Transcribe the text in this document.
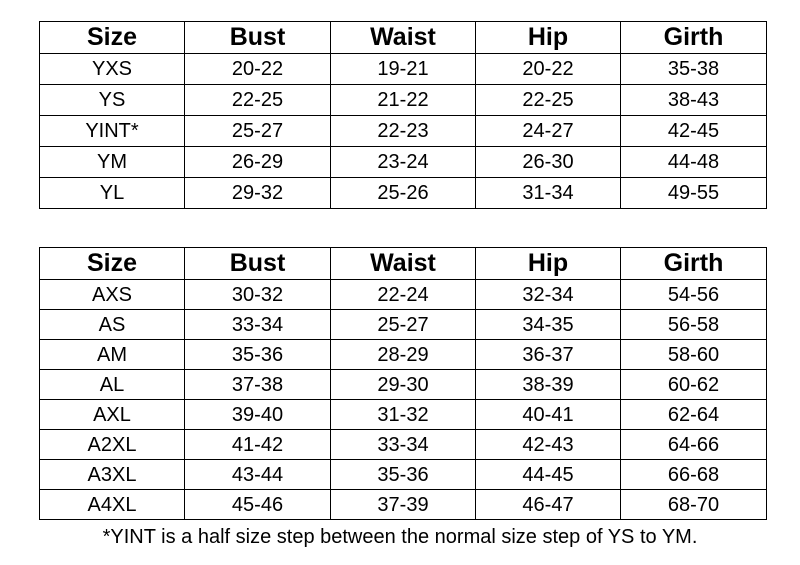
Size	Bust	Waist	Hip	Girth
YXS	20-22	19-21	20-22	35-38
YS	22-25	21-22	22-25	38-43
YINT*	25-27	22-23	24-27	42-45
YM	26-29	23-24	26-30	44-48
YL	29-32	25-26	31-34	49-55
Size	Bust	Waist	Hip	Girth
AXS	30-32	22-24	32-34	54-56
AS	33-34	25-27	34-35	56-58
AM	35-36	28-29	36-37	58-60
AL	37-38	29-30	38-39	60-62
AXL	39-40	31-32	40-41	62-64
A2XL	41-42	33-34	42-43	64-66
A3XL	43-44	35-36	44-45	66-68
A4XL	45-46	37-39	46-47	68-70
*YINT is a half size step between the normal size step of YS to YM.
